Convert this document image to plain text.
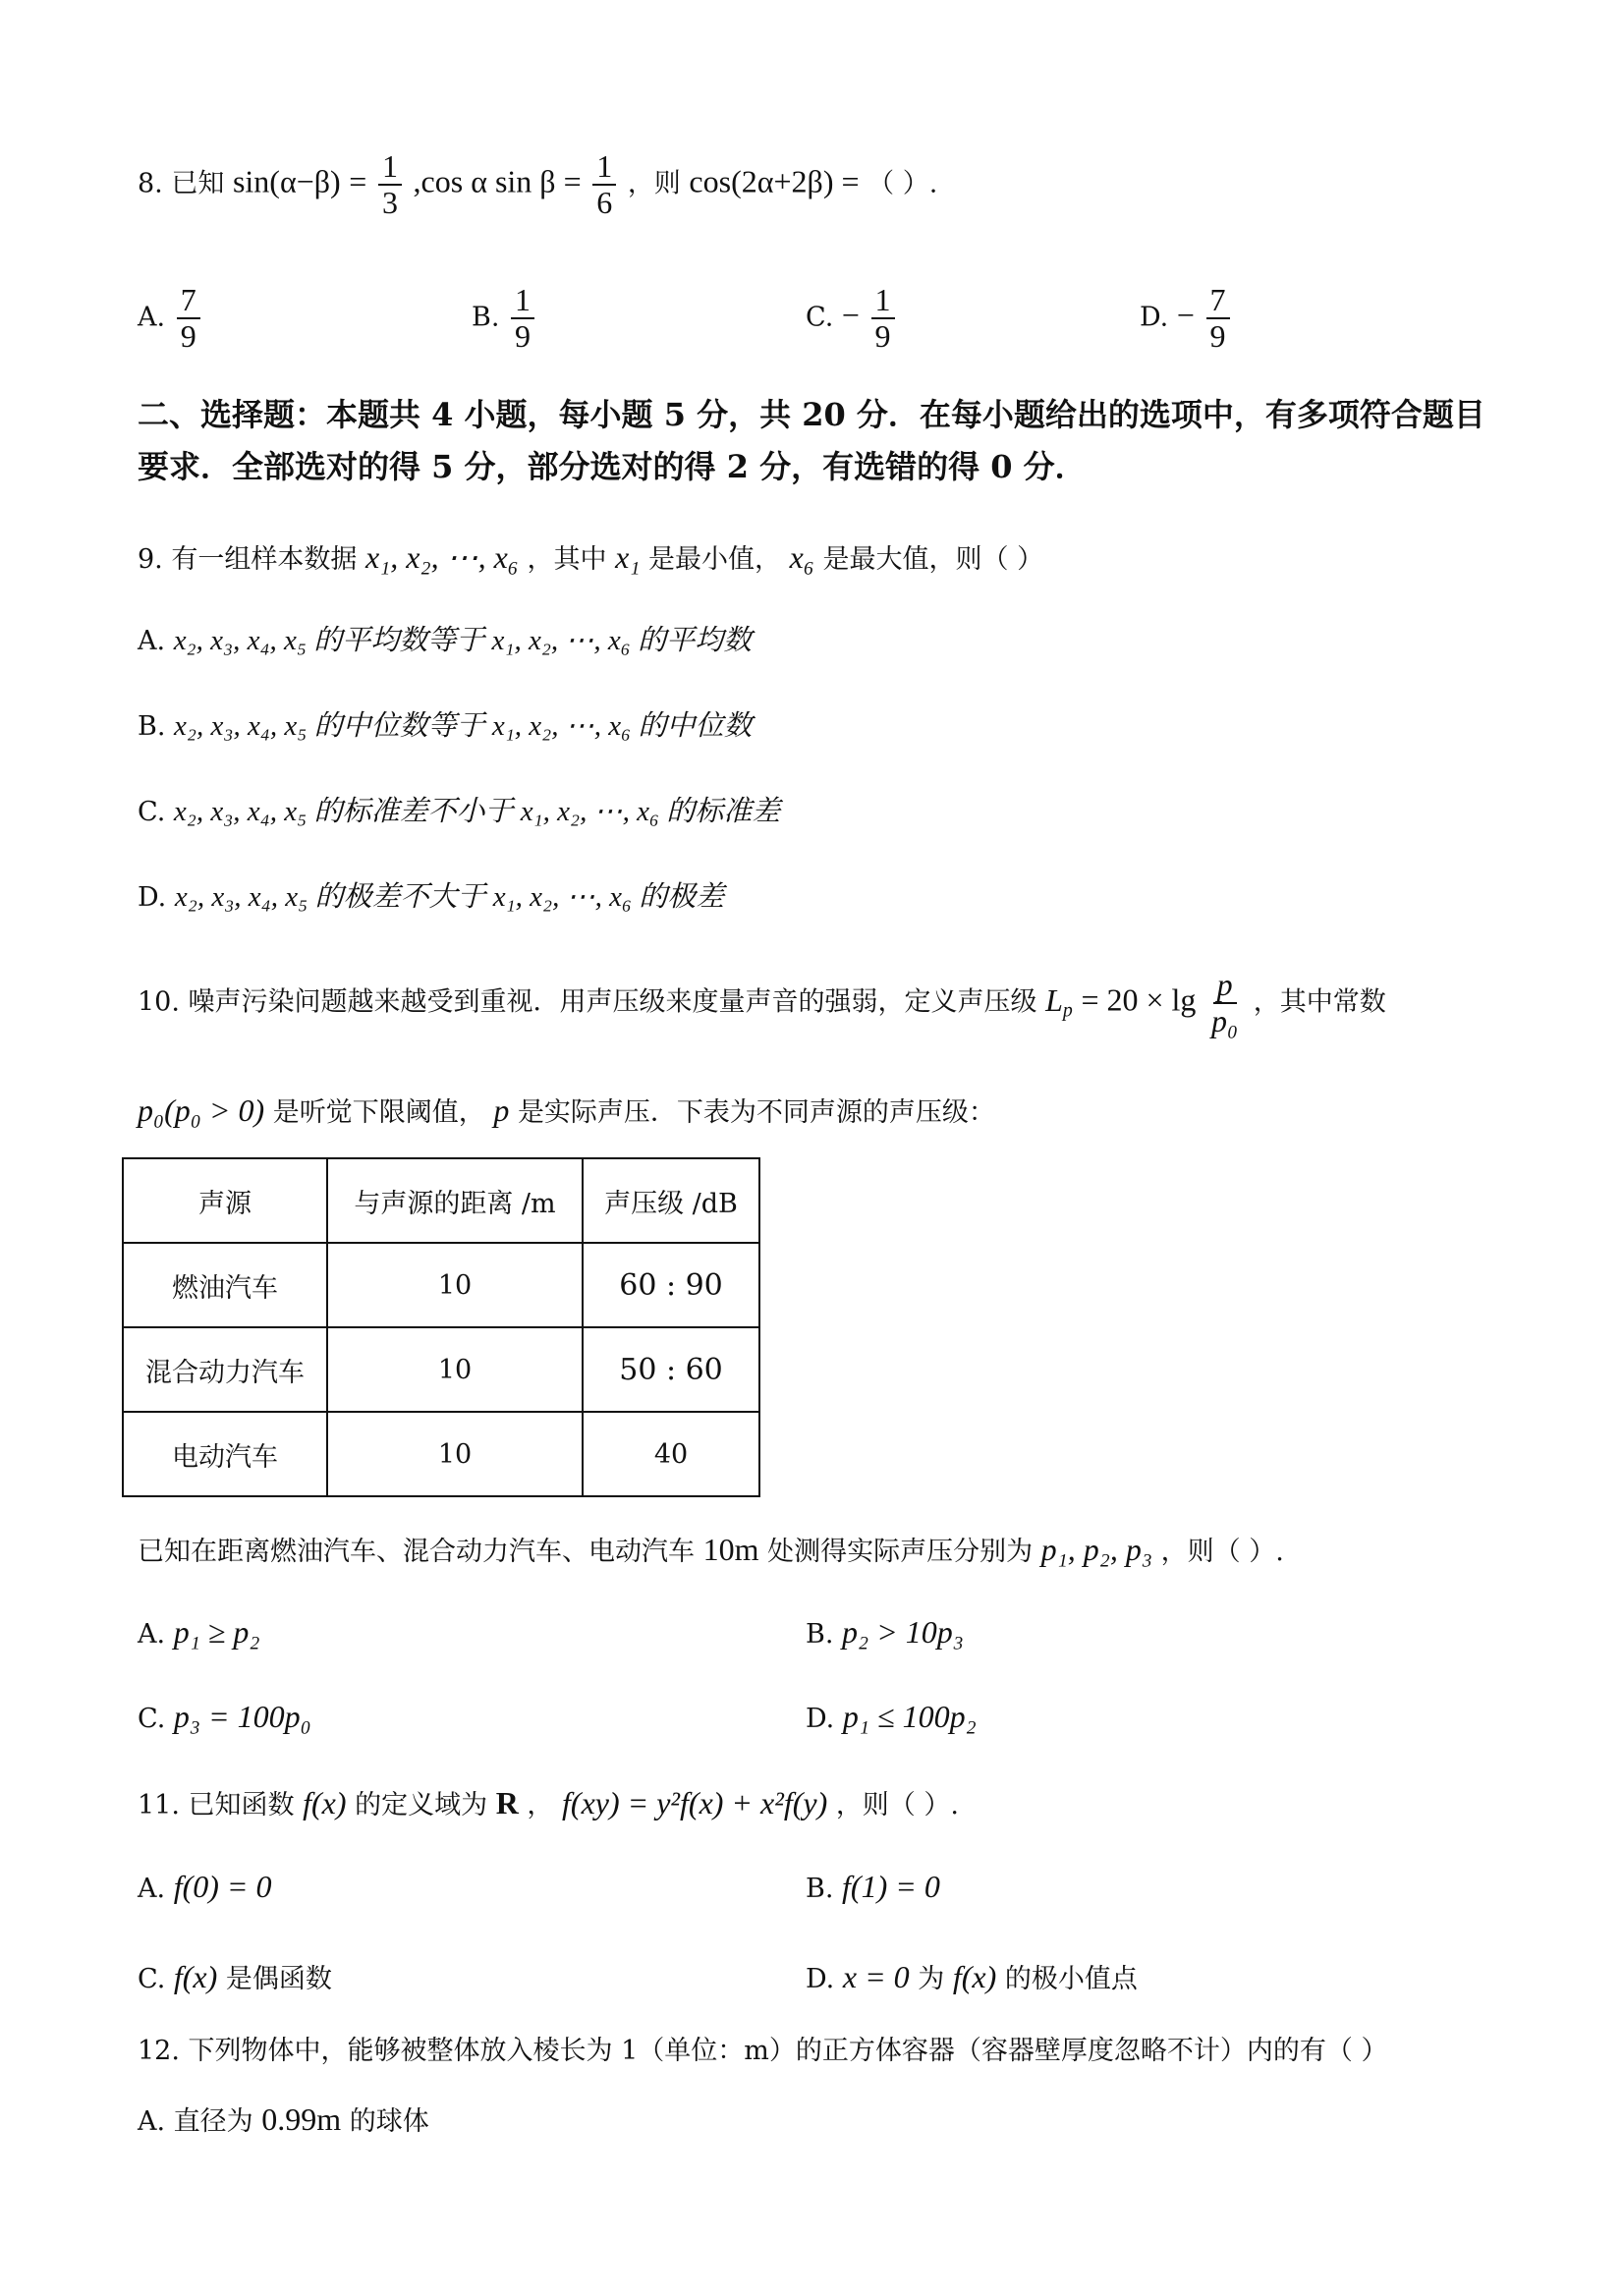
8. 已知 $\sin(\alpha-\beta) = \frac{1}{3} ,\cos$ α $\sin \beta = \frac{1}{6}$ ，则 cos(2α+2β) = （ ）.
A. $\frac{7}{9}$	B. $\frac{1}{9}$	C. − $\frac{1}{9}$	D. − $\frac{7}{9}$
二、选择题：本题共 4 小题，每小题 5 分，共 20 分．在每小题给出的选项中，有多项符合题目要求．全部选对的得 5 分，部分选对的得 2 分，有选错的得 0 分．
9. 有一组样本数据 x₁, x₂, ⋯, x₆ ，其中 x₁ 是最小值， x₆ 是最大值，则（ ）
A. x₂, x₃, x₄, x₅ 的平均数等于 x₁, x₂, ⋯, x₆ 的平均数
B. x₂, x₃, x₄, x₅ 的中位数等于 x₁, x₂, ⋯, x₆ 的中位数
C. x₂, x₃, x₄, x₅ 的标准差不小于 x₁, x₂, ⋯, x₆ 的标准差
D. x₂, x₃, x₄, x₅ 的极差不大于 x₁, x₂, ⋯, x₆ 的极差
10. 噪声污染问题越来越受到重视．用声压级来度量声音的强弱，定义声压级 $L_p = 20 \times \lg \frac{p}{\text{p₀}}$ ，其中常数
p₀(p₀ > 0) 是听觉下限阈值， p 是实际声压．下表为不同声源的声压级：
声源	与声源的距离 /m	声压级 /dB
燃油汽车	10	60 : 90
混合动力汽车	10	50 : 60
电动汽车	10	40
已知在距离燃油汽车、混合动力汽车、电动汽车 10m 处测得实际声压分别为 p₁, p₂, p₃ ，则（ ）.
A. p₁ ≥ p₂	B. p₂ > 10p₃
C. p₃ = 100p₀	D. p₁ ≤ 100p₂
11. 已知函数 f(x) 的定义域为 R ， f(xy) = y²f(x) + x²f(y) ，则（ ）.
A. f(0) = 0	B. f(1) = 0
C. f(x) 是偶函数	D. x = 0 为 f(x) 的极小值点
12. 下列物体中，能够被整体放入棱长为 1（单位：m）的正方体容器（容器壁厚度忽略不计）内的有（ ）
A. 直径为 0.99m 的球体
